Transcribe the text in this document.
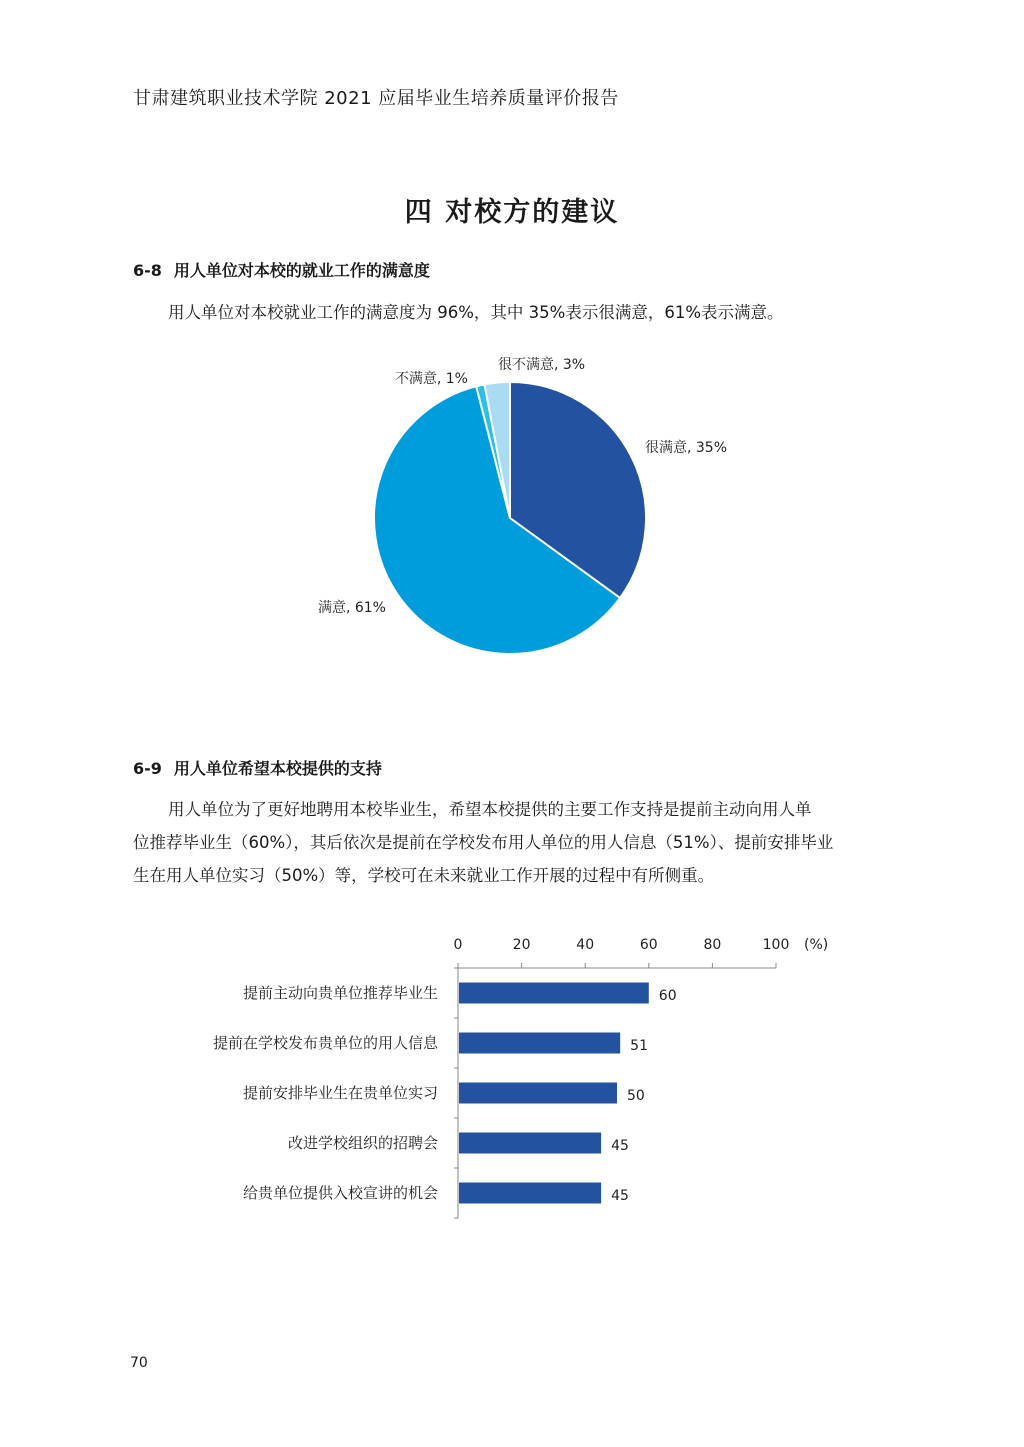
甘肃建筑职业技术学院 2021 应届毕业生培养质量评价报告
四 对校方的建议
6-8 用人单位对本校的就业工作的满意度
用人单位对本校就业工作的满意度为 96%，其中 35%表示很满意，61%表示满意。
很满意, 35%
满意, 61%
不满意, 1%
很不满意, 3%
6-9 用人单位希望本校提供的支持
用人单位为了更好地聘用本校毕业生，希望本校提供的主要工作支持是提前主动向用人单
位推荐毕业生（60%），其后依次是提前在学校发布用人单位的用人信息（51%）、提前安排毕业
生在用人单位实习（50%）等，学校可在未来就业工作开展的过程中有所侧重。
0	20	40	60	80	100 (%)
提前主动向贵单位推荐毕业生	60
提前在学校发布贵单位的用人信息	51
提前安排毕业生在贵单位实习	50
改进学校组织的招聘会	45
给贵单位提供入校宣讲的机会	45
70
